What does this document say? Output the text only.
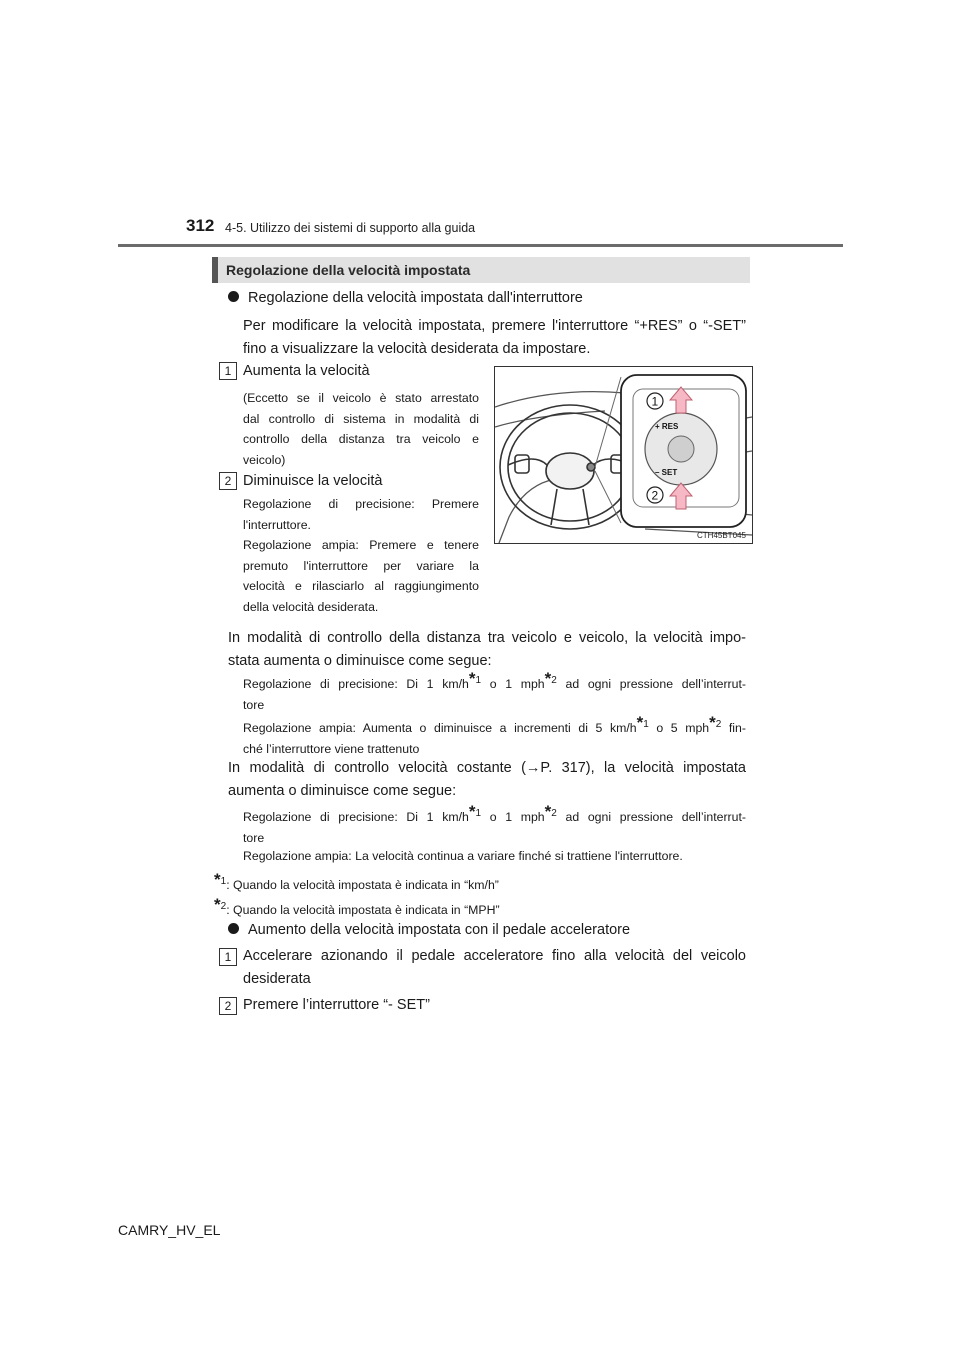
312 4-5. Utilizzo dei sistemi di supporto alla guida
Regolazione della velocità impostata
Regolazione della velocità impostata dall'interruttore
Per modificare la velocità impostata, premere l'interruttore “+RES” o “-SET”
fino a visualizzare la velocità desiderata da impostare.
1 Aumenta la velocità
(Eccetto se il veicolo è stato arrestato
dal controllo di sistema in modalità di
controllo della distanza tra veicolo e
veicolo)
2 Diminuisce la velocità
Regolazione di precisione: Premere
l'interruttore.
Regolazione ampia: Premere e tenere
premuto l'interruttore per variare la
velocità e rilasciarlo al raggiungimento
della velocità desiderata.
+ RES
– SET
1
2
CTH45BT045
In modalità di controllo della distanza tra veicolo e veicolo, la velocità impo-
stata aumenta o diminuisce come segue:
Regolazione di precisione: Di 1 km/h*$^1$ o 1 mph*$^2$ ad ogni pressione dell’interrut-
tore
Regolazione ampia: Aumenta o diminuisce a incrementi di 5 km/h*$^1$ o 5 mph*$^2$ fin-
ché l’interruttore viene trattenuto
In modalità di controllo velocità costante (→P. 317), la velocità impostata
aumenta o diminuisce come segue:
Regolazione di precisione: Di 1 km/h*$^1$ o 1 mph*$^2$ ad ogni pressione dell’interrut-
tore
Regolazione ampia: La velocità continua a variare finché si trattiene l'interruttore.
*$^1$: Quando la velocità impostata è indicata in “km/h”
*$^2$: Quando la velocità impostata è indicata in “MPH”
Aumento della velocità impostata con il pedale acceleratore
1 Accelerare azionando il pedale acceleratore fino alla velocità del veicolo
desiderata
2 Premere l’interruttore “- SET”
CAMRY_HV_EL
